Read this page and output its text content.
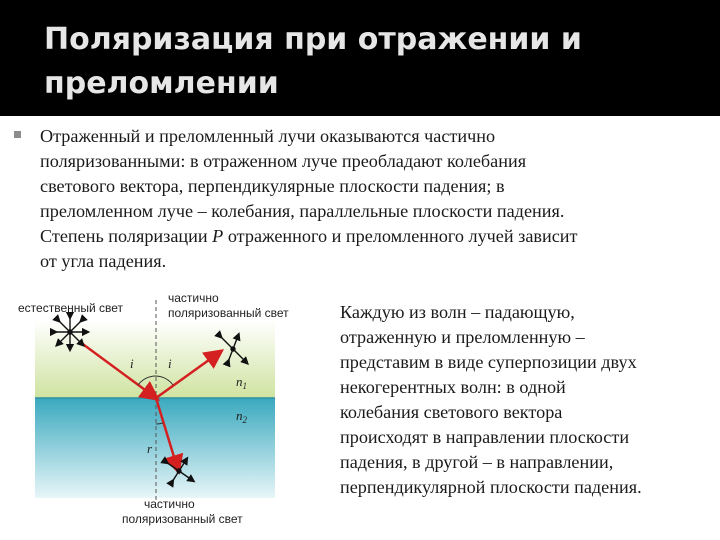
Поляризация при отражении и
преломлении
Отраженный и преломленный лучи оказываются частично
поляризованными: в отраженном луче преобладают колебания
светового вектора, перпендикулярные плоскости падения; в
преломленном луче – колебания, параллельные плоскости падения.
Степень поляризации P отраженного и преломленного лучей зависит
от угла падения.
Каждую из волн – падающую,
отраженную и преломленную –
представим в виде суперпозиции двух
некогерентных волн: в одной
колебания светового вектора
происходят в направлении плоскости
падения, в другой – в направлении,
перпендикулярной плоскости падения.
естественный свет
частично
поляризованный свет
частично
поляризованный свет
i	i
r
$n_1$
$n_2$
